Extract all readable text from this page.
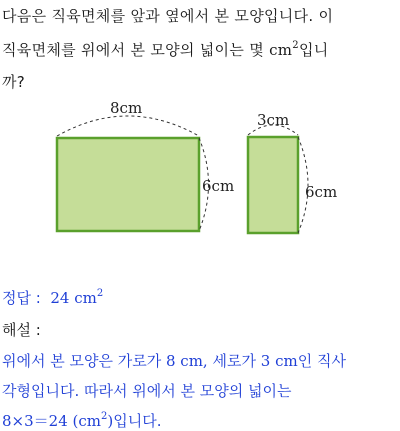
다음은 직육면체를 앞과 옆에서 본 모양입니다. 이
직육면체를 위에서 본 모양의 넓이는 몇 $cm^2$입니
까?
8cm
6cm
3cm
6cm
정답 : 24 $cm^2$
해설 :
위에서 본 모양은 가로가 8 cm, 세로가 3 cm인 직사
각형입니다. 따라서 위에서 본 모양의 넓이는
8×3＝24 $(cm^2)$입니다.
